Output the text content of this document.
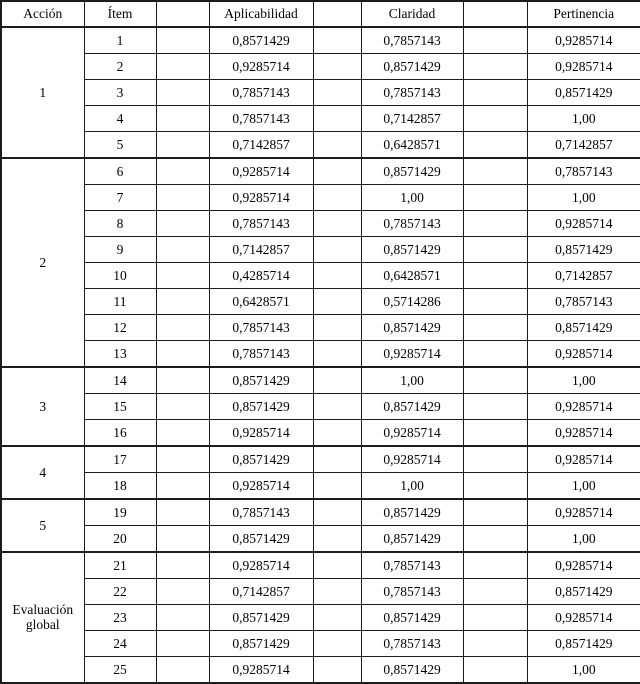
Acción	Ítem		Aplicabilidad		Claridad		Pertinencia
1	1		0,8571429		0,7857143		0,9285714
	2		0,9285714		0,8571429		0,9285714
	3		0,7857143		0,7857143		0,8571429
	4		0,7857143		0,7142857		1,00
	5		0,7142857		0,6428571		0,7142857
2	6		0,9285714		0,8571429		0,7857143
	7		0,9285714		1,00		1,00
	8		0,7857143		0,7857143		0,9285714
	9		0,7142857		0,8571429		0,8571429
	10		0,4285714		0,6428571		0,7142857
	11		0,6428571		0,5714286		0,7857143
	12		0,7857143		0,8571429		0,8571429
	13		0,7857143		0,9285714		0,9285714
3	14		0,8571429		1,00		1,00
	15		0,8571429		0,8571429		0,9285714
	16		0,9285714		0,9285714		0,9285714
4	17		0,8571429		0,9285714		0,9285714
	18		0,9285714		1,00		1,00
5	19		0,7857143		0,8571429		0,9285714
	20		0,8571429		0,8571429		1,00
Evaluación global	21		0,9285714		0,7857143		0,9285714
	22		0,7142857		0,7857143		0,8571429
	23		0,8571429		0,8571429		0,9285714
	24		0,8571429		0,7857143		0,8571429
	25		0,9285714		0,8571429		1,00
